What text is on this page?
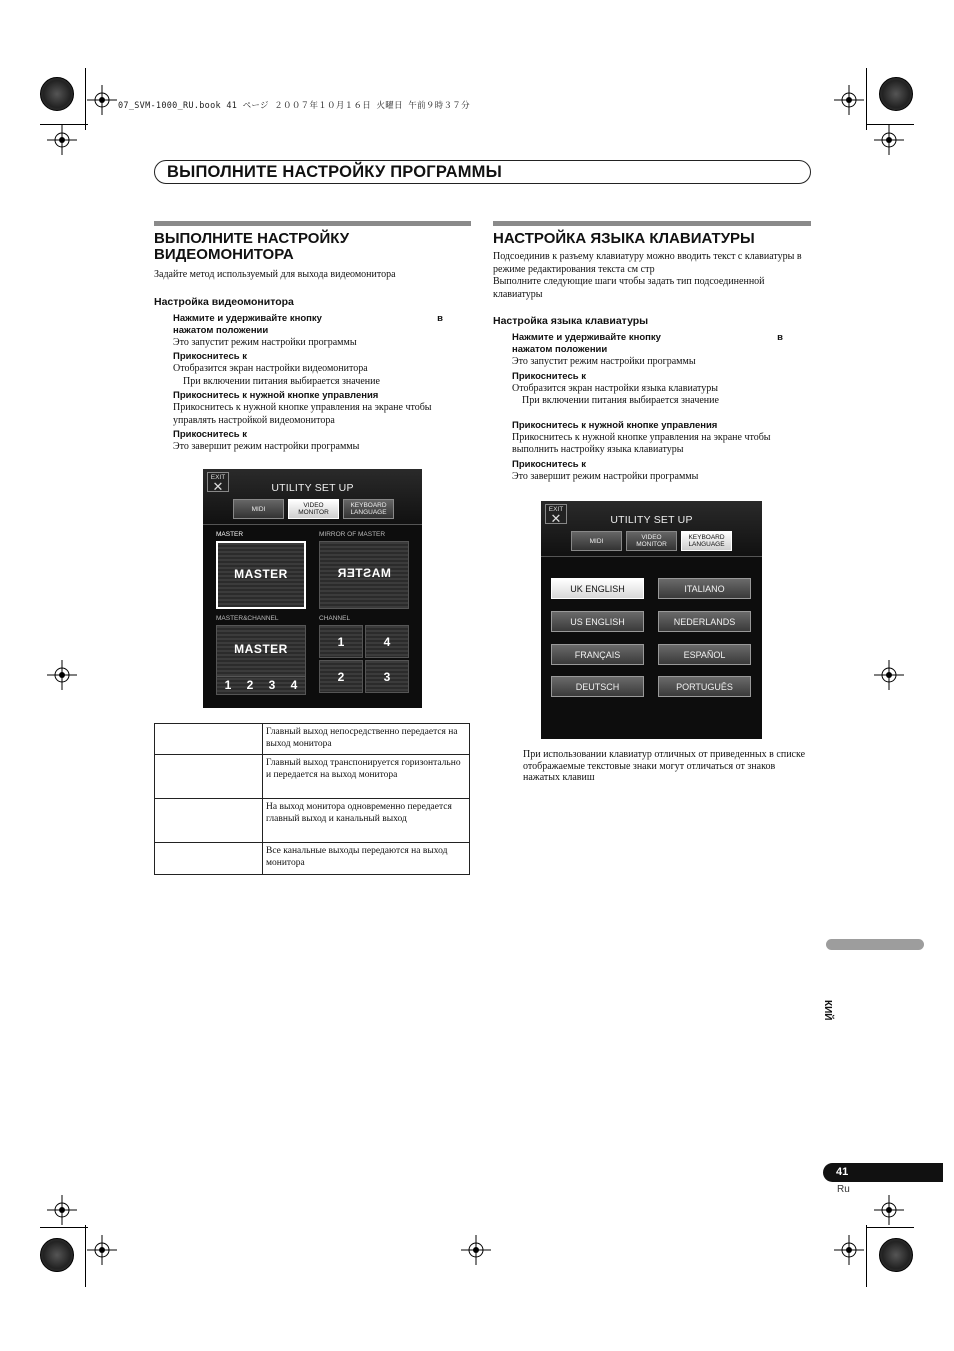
07_SVM-1000_RU.book 41 ページ ２００７年１０月１６日 火曜日 午前９時３７分
ВЫПОЛНИТЕ НАСТРОЙКУ ПРОГРАММЫ
ВЫПОЛНИТЕ НАСТРОЙКУ
ВИДЕОМОНИТОРА

Задайте метод используемый для выхода видеомонитора

Настройка видеомонитора
Нажмите и удерживайте кнопку	в
нажатом положении
Это запустит режим настройки программы
Прикоснитесь к
Отобразится экран настройки видеомонитора
При включении питания выбирается значение
Прикоснитесь к нужной кнопке управления
Прикоснитесь к нужной кнопке управления на экране чтобы управлять настройкой видеомонитора
Прикоснитесь к
Это завершит режим настройки программы
EXIT
✕	UTILITY SET UP
MIDI	VIDEO
MONITOR
KEYBOARD
LANGUAGE
MASTER	MIRROR OF MASTER
MASTER	MASTER
MASTER&CHANNEL	CHANNEL
MASTER
1	2	3	4
1	4
2	3
	Главный выход непосредственно передается на выход монитора
	Главный выход транспонируется горизонтально и передается на выход монитора
	На выход монитора одновременно передается главный выход и канальный выход
	Все канальные выходы передаются на выход монитора
НАСТРОЙКА ЯЗЫКА КЛАВИАТУРЫ

Подсоединив к разъему клавиатуру можно вводить текст с клавиатуры в режиме редактирования текста см стр

Выполните следующие шаги чтобы задать тип подсоединенной клавиатуры

Настройка языка клавиатуры
Нажмите и удерживайте кнопку	в
нажатом положении
Это запустит режим настройки программы
Прикоснитесь к
Отобразится экран настройки языка клавиатуры
При включении питания выбирается значение
Прикоснитесь к нужной кнопке управления
Прикоснитесь к нужной кнопке управления на экране чтобы выполнить настройку языка клавиатуры
Прикоснитесь к
Это завершит режим настройки программы
EXIT
✕	UTILITY SET UP
MIDI	VIDEO
MONITOR
KEYBOARD
LANGUAGE
UK ENGLISH	ITALIANO
US ENGLISH	NEDERLANDS
FRANÇAIS	ESPAÑOL
DEUTSCH	PORTUGUÊS

При использовании клавиатур отличных от приведенных в списке отображаемые текстовые знаки могут отличаться от знаков нажатых клавиш

КИЙ
41
Ru
